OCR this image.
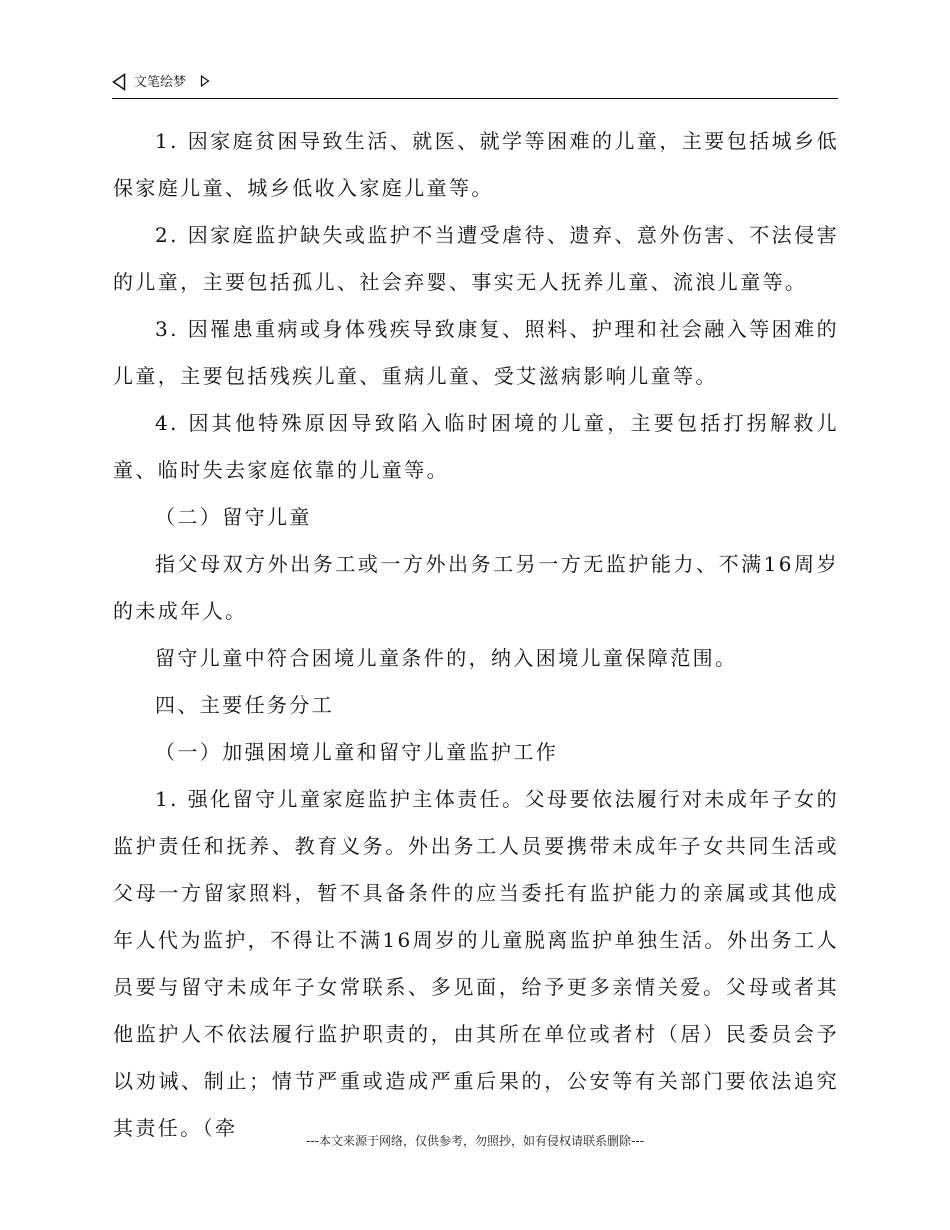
文笔绘梦

1. 因家庭贫困导致生活、就医、就学等困难的儿童，主要包括城乡低保家庭儿童、城乡低收入家庭儿童等。

2. 因家庭监护缺失或监护不当遭受虐待、遗弃、意外伤害、不法侵害的儿童，主要包括孤儿、社会弃婴、事实无人抚养儿童、流浪儿童等。

3. 因罹患重病或身体残疾导致康复、照料、护理和社会融入等困难的儿童，主要包括残疾儿童、重病儿童、受艾滋病影响儿童等。

4. 因其他特殊原因导致陷入临时困境的儿童，主要包括打拐解救儿童、临时失去家庭依靠的儿童等。

（二）留守儿童

指父母双方外出务工或一方外出务工另一方无监护能力、不满16周岁的未成年人。

留守儿童中符合困境儿童条件的，纳入困境儿童保障范围。

四、主要任务分工

（一）加强困境儿童和留守儿童监护工作

1. 强化留守儿童家庭监护主体责任。父母要依法履行对未成年子女的监护责任和抚养、教育义务。外出务工人员要携带未成年子女共同生活或父母一方留家照料，暂不具备条件的应当委托有监护能力的亲属或其他成年人代为监护，不得让不满16周岁的儿童脱离监护单独生活。外出务工人员要与留守未成年子女常联系、多见面，给予更多亲情关爱。父母或者其他监护人不依法履行监护职责的，由其所在单位或者村（居）民委员会予以劝诫、制止；情节严重或造成严重后果的，公安等有关部门要依法追究其责任。（牵

---本文来源于网络，仅供参考，勿照抄，如有侵权请联系删除---
